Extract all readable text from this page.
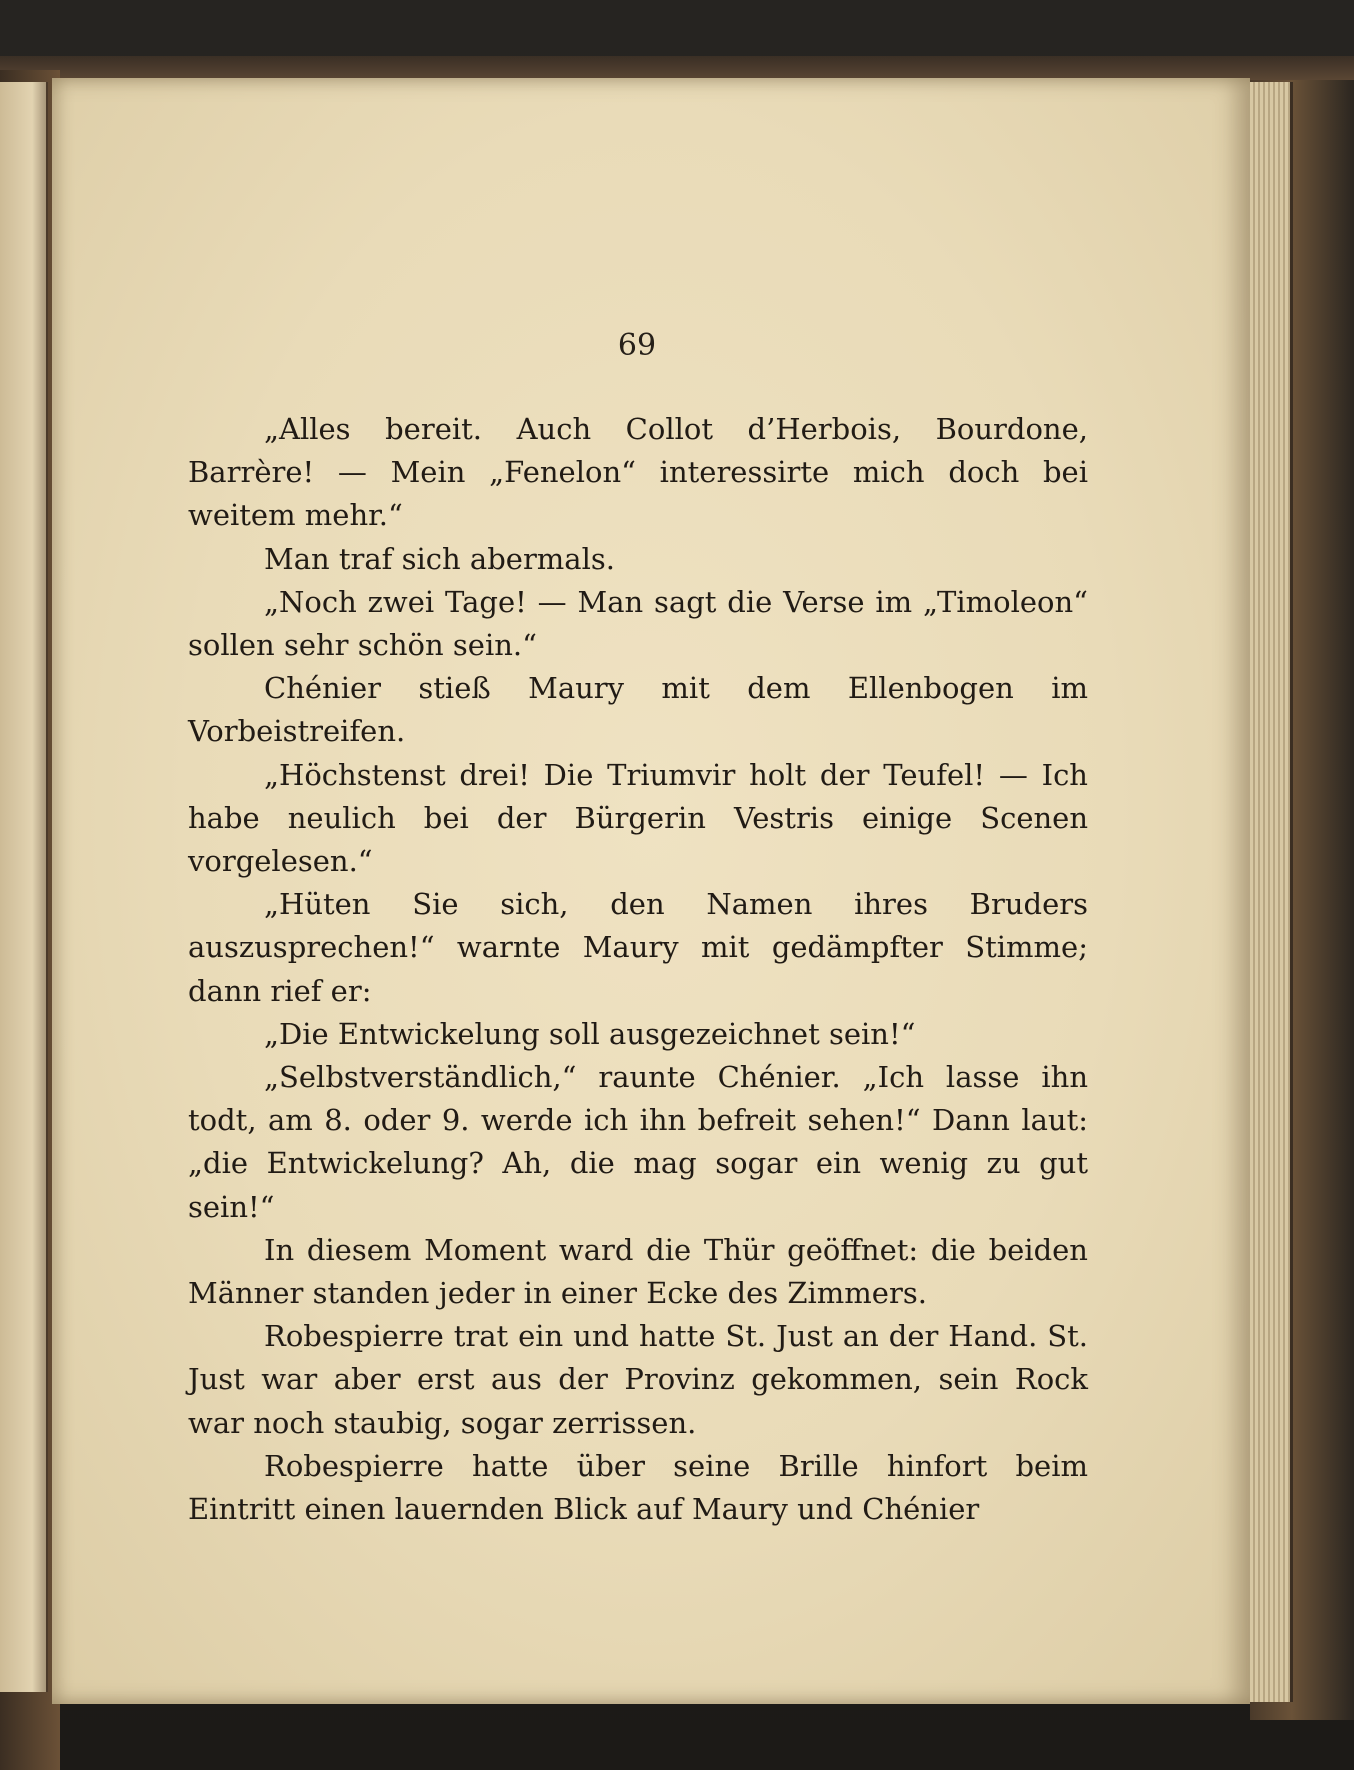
69

„Alles bereit. Auch Collot d’Herbois, Bourdone, Barrère! — Mein „Fenelon“ interessirte mich doch bei weitem mehr.“

Man traf sich abermals.

„Noch zwei Tage! — Man sagt die Verse im „Timoleon“ sollen sehr schön sein.“

Chénier stieß Maury mit dem Ellenbogen im Vorbeistreifen.

„Höchstenst drei! Die Triumvir holt der Teufel! — Ich habe neulich bei der Bürgerin Vestris einige Scenen vorgelesen.“

„Hüten Sie sich, den Namen ihres Bruders auszusprechen!“ warnte Maury mit gedämpfter Stimme; dann rief er:

„Die Entwickelung soll ausgezeichnet sein!“

„Selbstverständlich,“ raunte Chénier. „Ich lasse ihn todt, am 8. oder 9. werde ich ihn befreit sehen!“ Dann laut: „die Entwickelung? Ah, die mag sogar ein wenig zu gut sein!“

In diesem Moment ward die Thür geöffnet: die beiden Männer standen jeder in einer Ecke des Zimmers.

Robespierre trat ein und hatte St. Just an der Hand. St. Just war aber erst aus der Provinz gekommen, sein Rock war noch staubig, sogar zerrissen.

Robespierre hatte über seine Brille hinfort beim Eintritt einen lauernden Blick auf Maury und Chénier
